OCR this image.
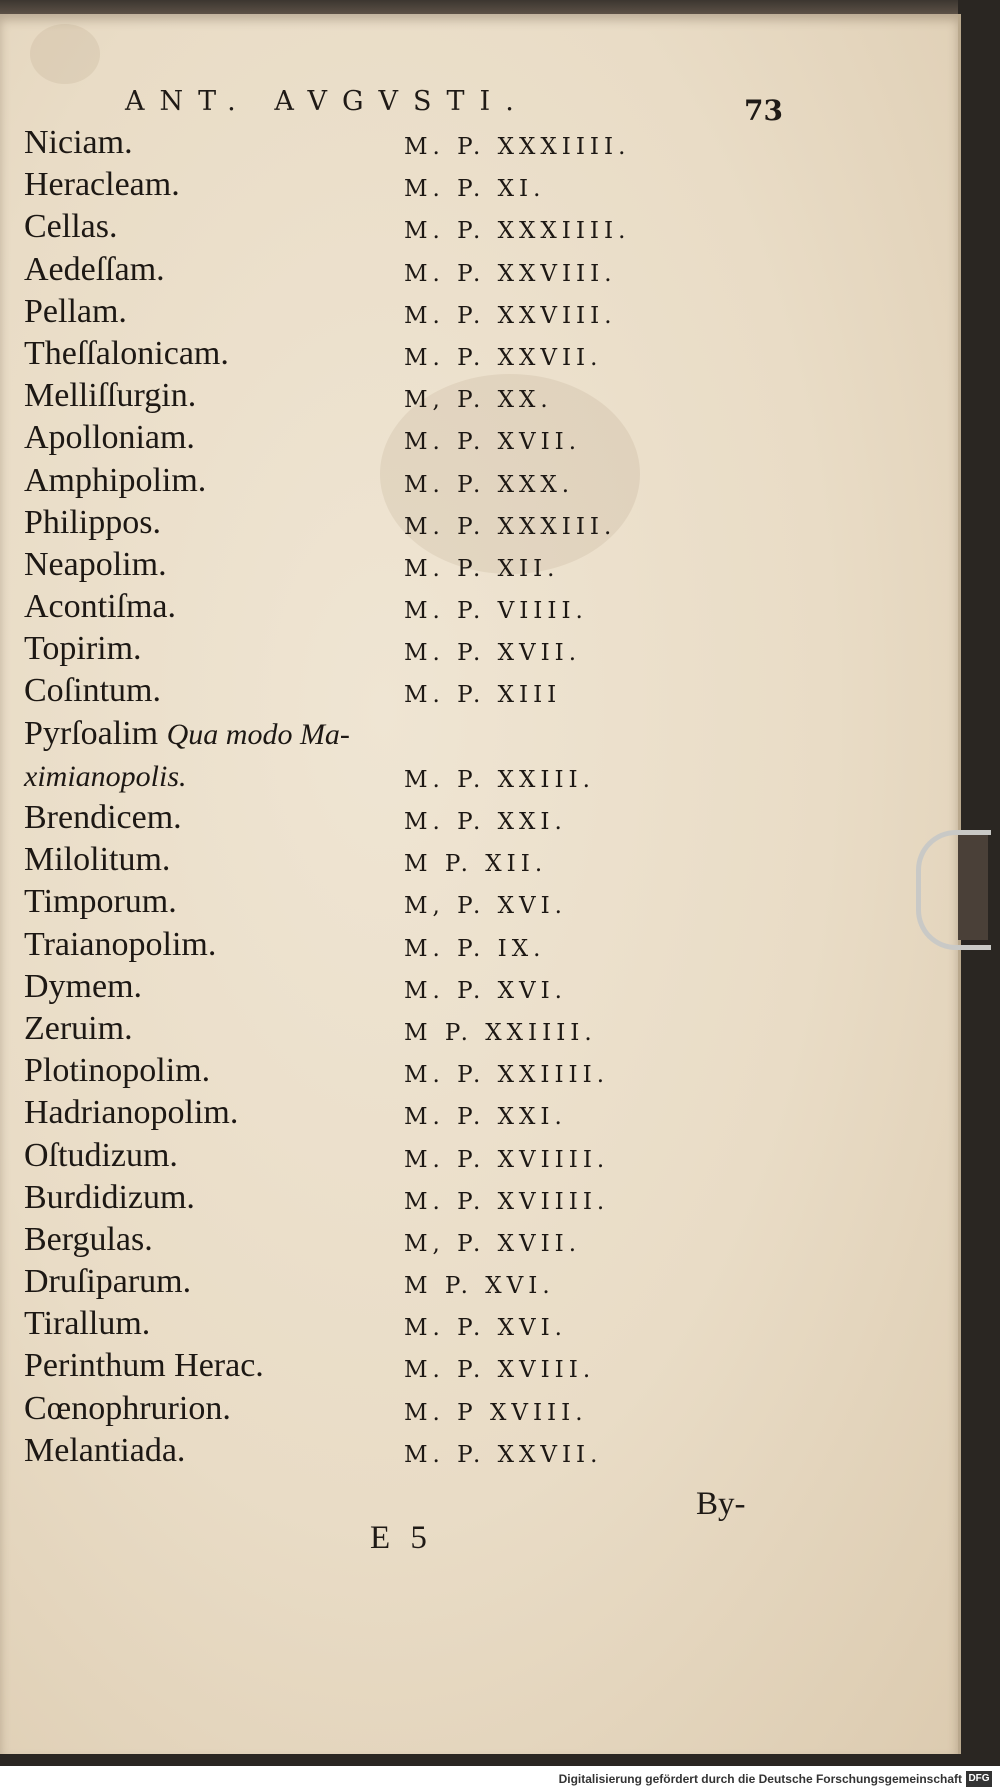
ANT. AVGVSTI.	73
Niciam.	M. P. XXXIIII.
Heracleam.	M. P. XI.
Cellas.	M. P. XXXIIII.
Aedeſſam.	M. P. XXVIII.
Pellam.	M. P. XXVIII.
Theſſalonicam.	M. P. XXVII.
Melliſſurgin.	M, P. XX.
Apolloniam.	M. P. XVII.
Amphipolim.	M. P. XXX.
Philippos.	M. P. XXXIII.
Neapolim.	M. P. XII.
Acontiſma.	M. P. VIIII.
Topirim.	M. P. XVII.
Coſintum.	M. P. XIII
Pyrſoalim Qua modo Ma-
ximianopolis.	M. P. XXIII.
Brendicem.	M. P. XXI.
Milolitum.	M P. XII.
Timporum.	M, P. XVI.
Traianopolim.	M. P. IX.
Dymem.	M. P. XVI.
Zeruim.	M P. XXIIII.
Plotinopolim.	M. P. XXIIII.
Hadrianopolim.	M. P. XXI.
Oſtudizum.	M. P. XVIIII.
Burdidizum.	M. P. XVIIII.
Bergulas.	M, P. XVII.
Druſiparum.	M P. XVI.
Tirallum.	M. P. XVI.
Perinthum Herac.	M. P. XVIII.
Cœnophrurion.	M. P XVIII.
Melantiada.	M. P. XXVII.
By-
E 5
Digitalisierung gefördert durch die Deutsche Forschungsgemeinschaft DFG
